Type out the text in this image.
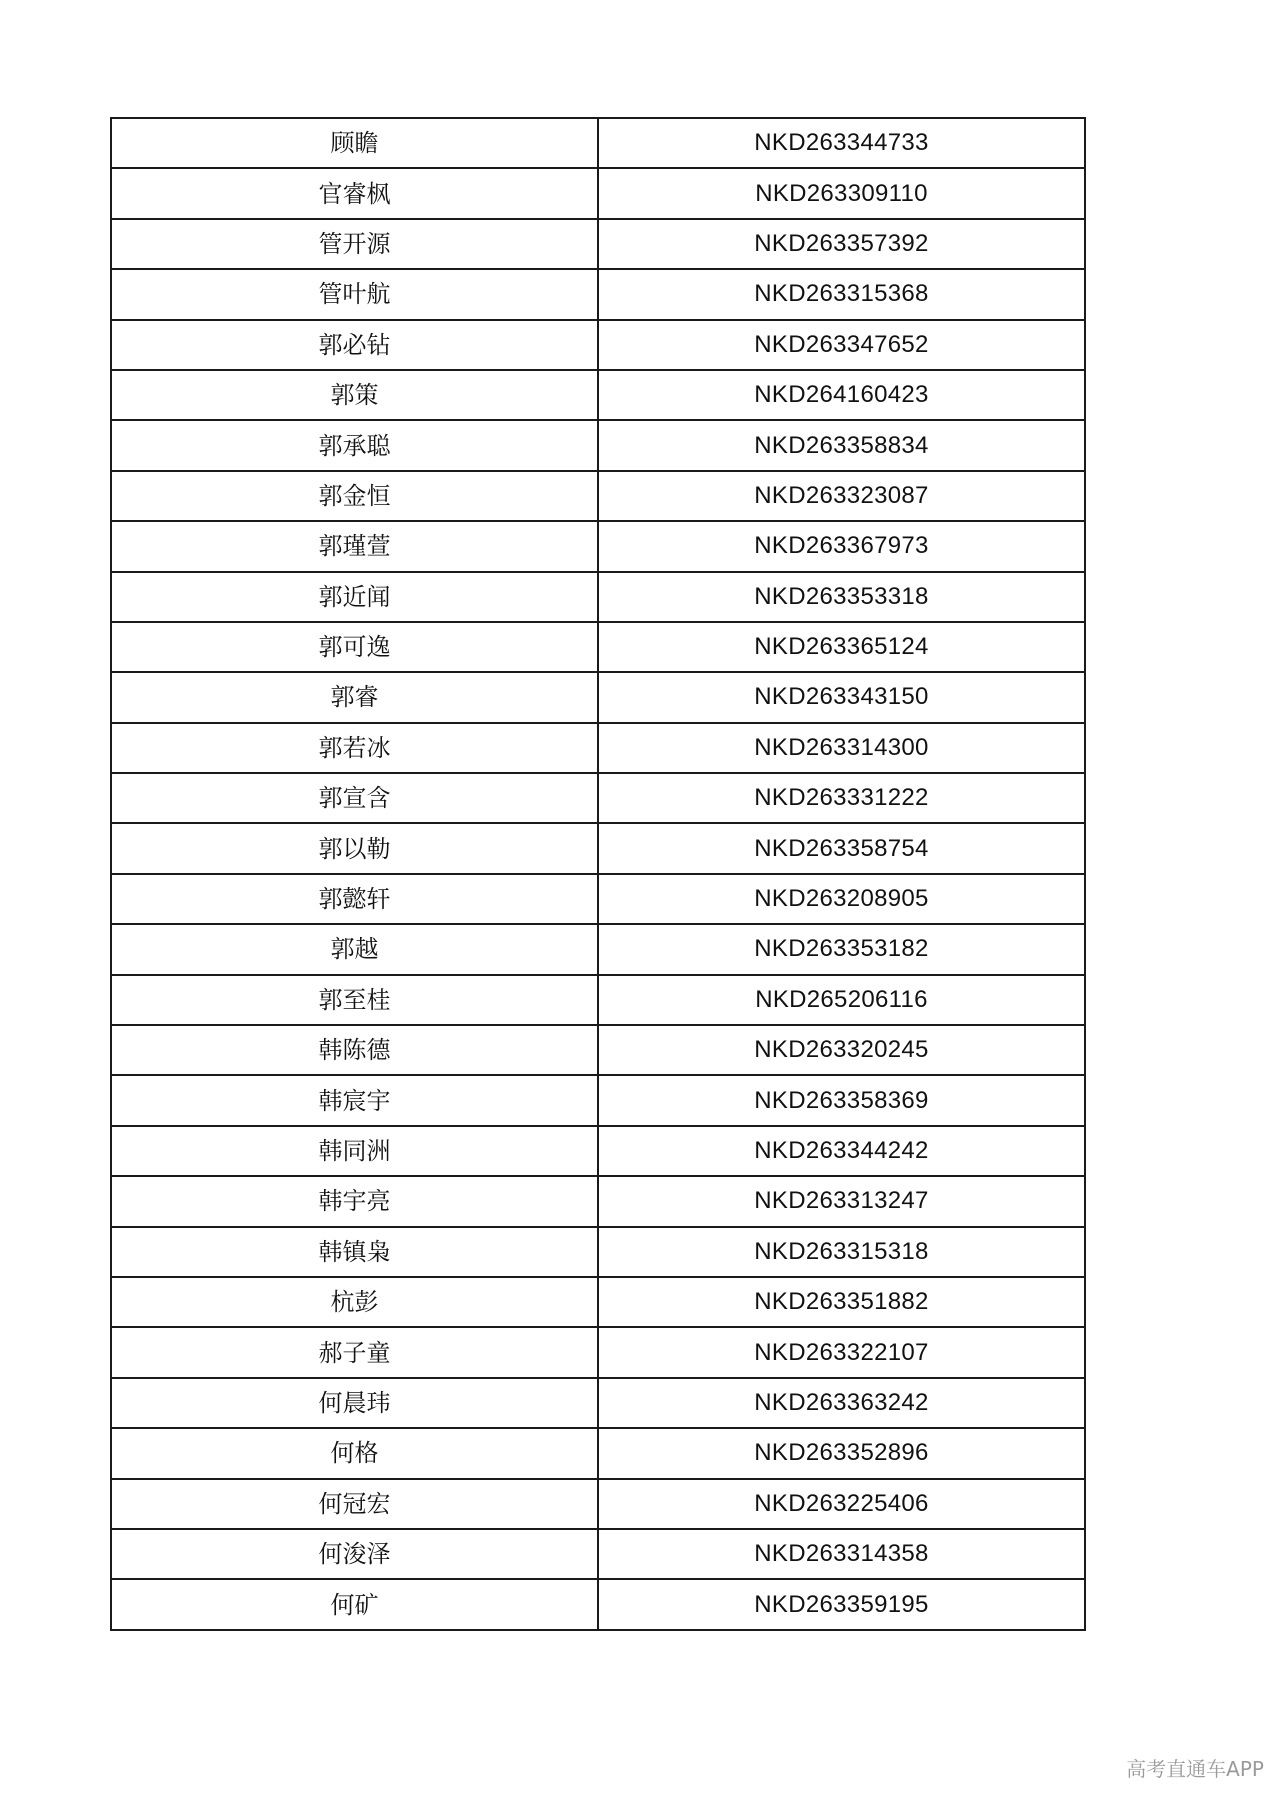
顾瞻	NKD263344733
官睿枫	NKD263309110
管开源	NKD263357392
管叶航	NKD263315368
郭必钻	NKD263347652
郭策	NKD264160423
郭承聪	NKD263358834
郭金恒	NKD263323087
郭瑾萱	NKD263367973
郭近闻	NKD263353318
郭可逸	NKD263365124
郭睿	NKD263343150
郭若冰	NKD263314300
郭宣含	NKD263331222
郭以勒	NKD263358754
郭懿轩	NKD263208905
郭越	NKD263353182
郭至桂	NKD265206116
韩陈德	NKD263320245
韩宸宇	NKD263358369
韩同洲	NKD263344242
韩宇亮	NKD263313247
韩镇枭	NKD263315318
杭彭	NKD263351882
郝子童	NKD263322107
何晨玮	NKD263363242
何格	NKD263352896
何冠宏	NKD263225406
何浚泽	NKD263314358
何矿	NKD263359195
高考直通车APP
